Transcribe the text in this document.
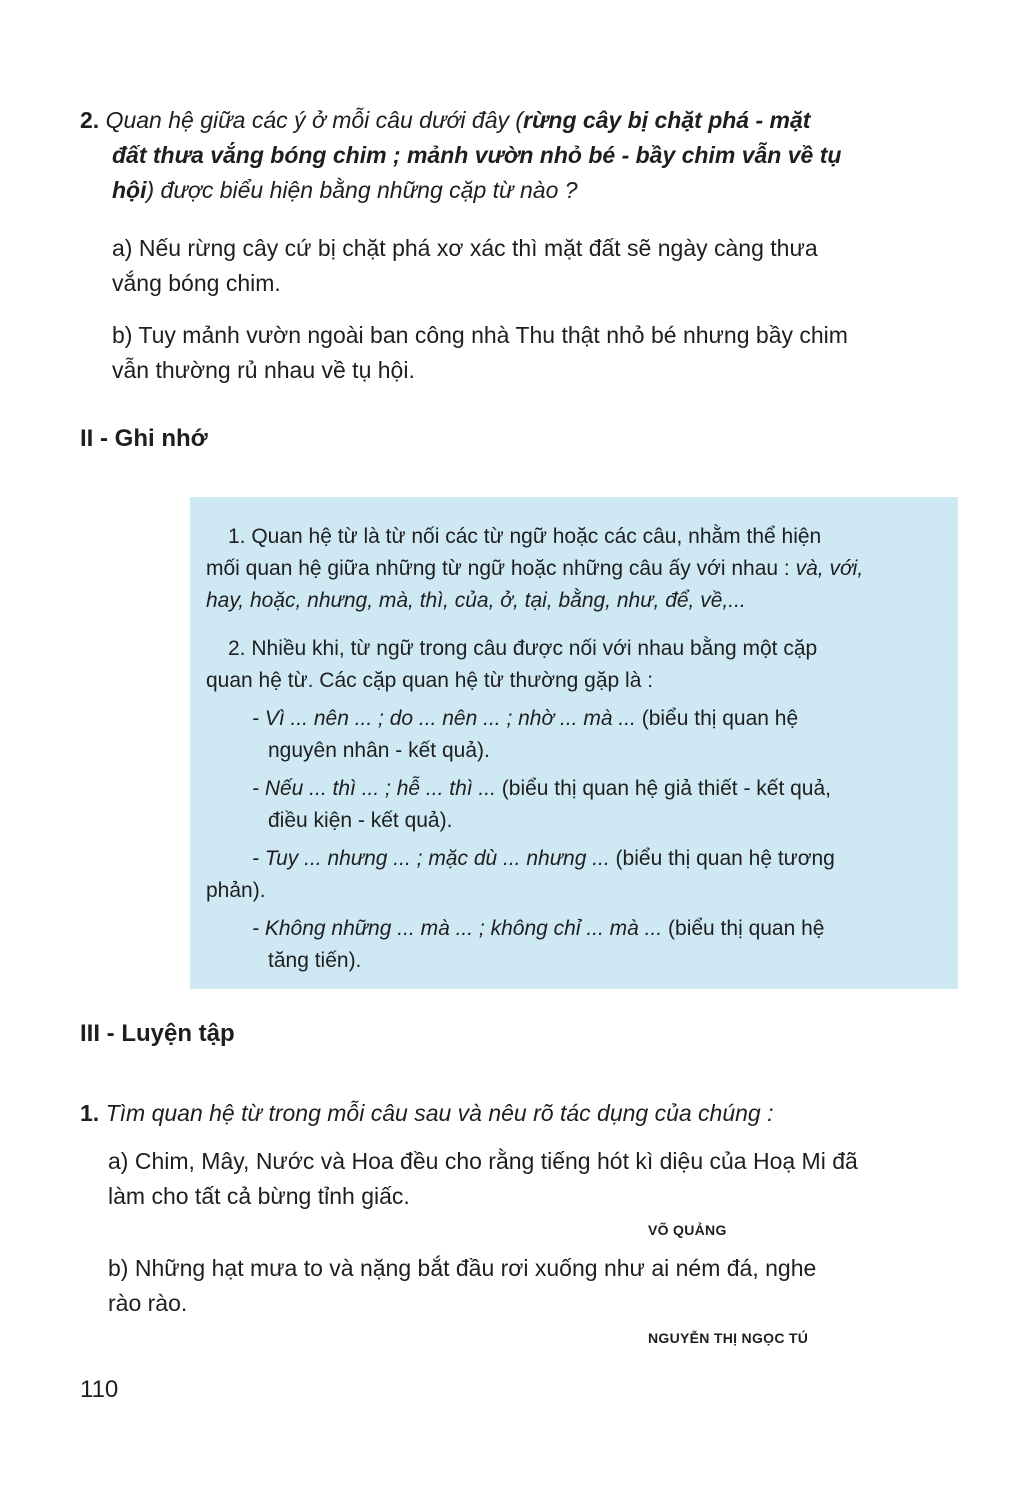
2. Quan hệ giữa các ý ở mỗi câu dưới đây (rừng cây bị chặt phá - mặt
đất thưa vắng bóng chim ; mảnh vườn nhỏ bé - bầy chim vẫn về tụ
hội) được biểu hiện bằng những cặp từ nào ?
a) Nếu rừng cây cứ bị chặt phá xơ xác thì mặt đất sẽ ngày càng thưa
vắng bóng chim.
b) Tuy mảnh vườn ngoài ban công nhà Thu thật nhỏ bé nhưng bầy chim
vẫn thường rủ nhau về tụ hội.
II - Ghi nhớ
1. Quan hệ từ là từ nối các từ ngữ hoặc các câu, nhằm thể hiện
mối quan hệ giữa những từ ngữ hoặc những câu ấy với nhau : và, với,
hay, hoặc, nhưng, mà, thì, của, ở, tại, bằng, như, để, về,...
2. Nhiều khi, từ ngữ trong câu được nối với nhau bằng một cặp
quan hệ từ. Các cặp quan hệ từ thường gặp là :
- Vì ... nên ... ; do ... nên ... ; nhờ ... mà ... (biểu thị quan hệ
nguyên nhân - kết quả).
- Nếu ... thì ... ; hễ ... thì ... (biểu thị quan hệ giả thiết - kết quả,
điều kiện - kết quả).
- Tuy ... nhưng ... ; mặc dù ... nhưng ... (biểu thị quan hệ tương
phản).
- Không những ... mà ... ; không chỉ ... mà ... (biểu thị quan hệ
tăng tiến).
III - Luyện tập
1. Tìm quan hệ từ trong mỗi câu sau và nêu rõ tác dụng của chúng :
a) Chim, Mây, Nước và Hoa đều cho rằng tiếng hót kì diệu của Hoạ Mi đã
làm cho tất cả bừng tỉnh giấc.
VÕ QUẢNG
b) Những hạt mưa to và nặng bắt đầu rơi xuống như ai ném đá, nghe
rào rào.
NGUYỄN THỊ NGỌC TÚ
110
